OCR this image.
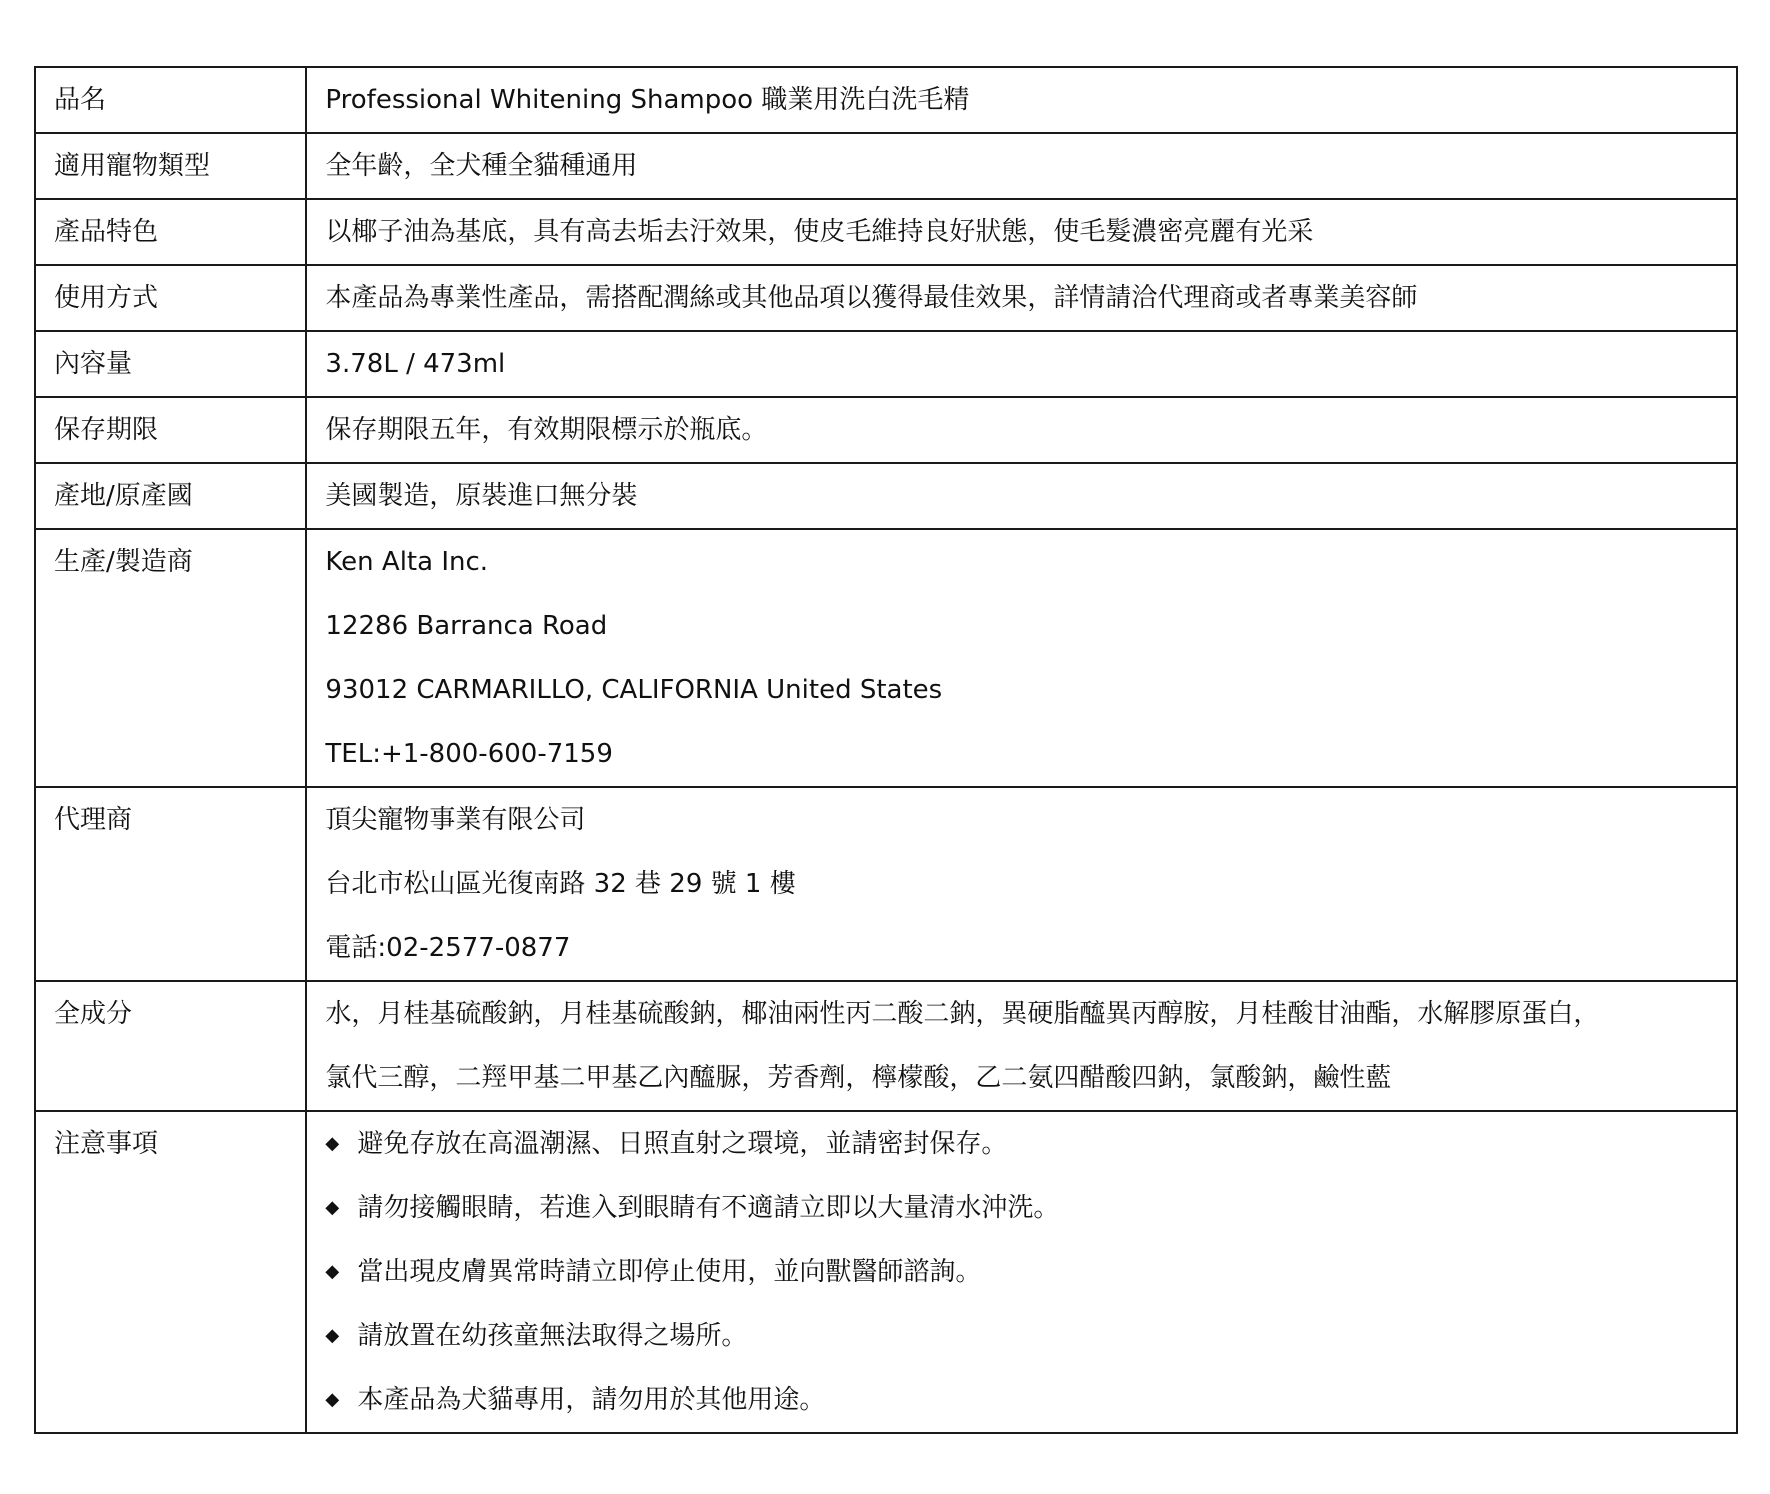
品名	Professional Whitening Shampoo 職業用洗白洗毛精

適用寵物類型	全年齡，全犬種全貓種通用

產品特色	以椰子油為基底，具有高去垢去汙效果，使皮毛維持良好狀態，使毛髮濃密亮麗有光采

使用方式	本產品為專業性產品，需搭配潤絲或其他品項以獲得最佳效果，詳情請洽代理商或者專業美容師

內容量	3.78L / 473ml

保存期限	保存期限五年，有效期限標示於瓶底。

產地/原產國	美國製造，原裝進口無分裝

生產/製造商	Ken Alta Inc.
12286 Barranca Road
93012 CARMARILLO, CALIFORNIA United States
TEL:+1-800-600-7159

代理商	頂尖寵物事業有限公司
台北市松山區光復南路 32 巷 29 號 1 樓
電話:02-2577-0877

全成分	水，月桂基硫酸鈉，月桂基硫酸鈉，椰油兩性丙二酸二鈉，異硬脂醯異丙醇胺，月桂酸甘油酯，水解膠原蛋白，
氯代三醇，二羥甲基二甲基乙內醯脲，芳香劑，檸檬酸，乙二氨四醋酸四鈉，氯酸鈉，鹼性藍

注意事項	◆ 避免存放在高溫潮濕、日照直射之環境，並請密封保存。
◆ 請勿接觸眼睛，若進入到眼睛有不適請立即以大量清水沖洗。
◆ 當出現皮膚異常時請立即停止使用，並向獸醫師諮詢。
◆ 請放置在幼孩童無法取得之場所。
◆ 本產品為犬貓專用，請勿用於其他用途。
